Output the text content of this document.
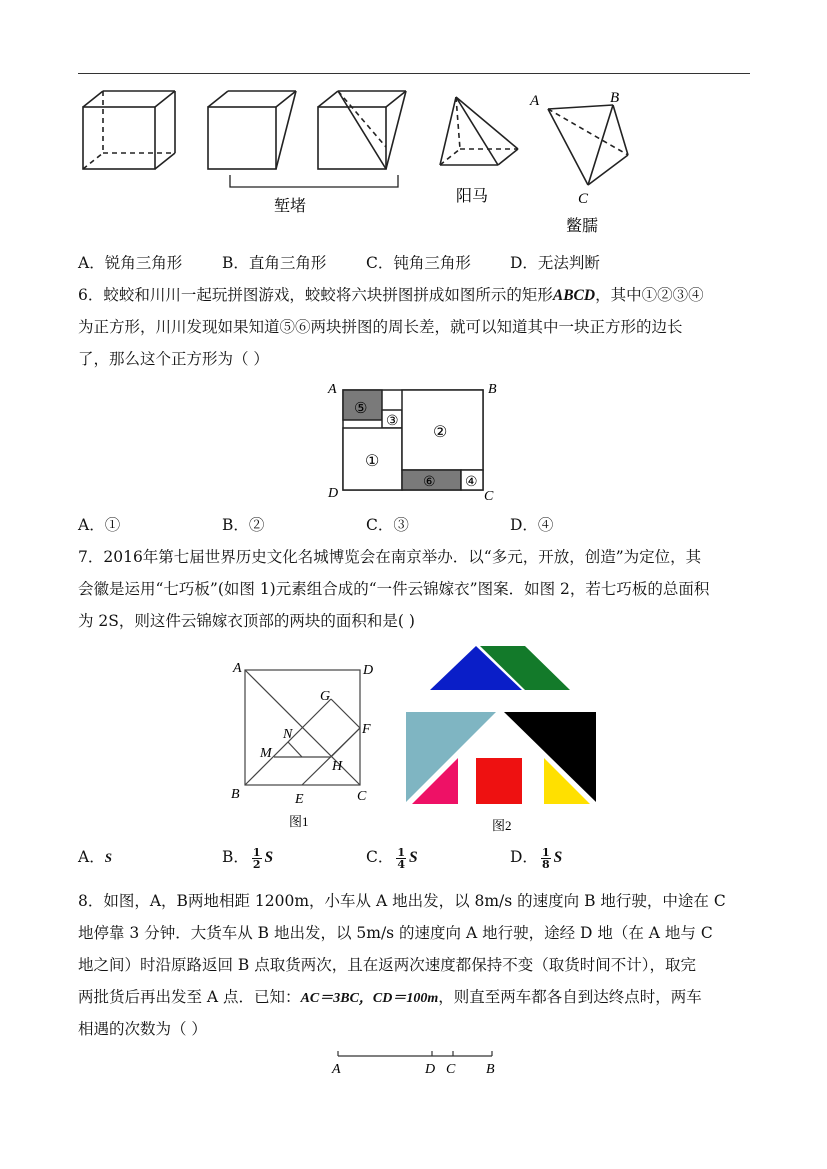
堑堵
阳马
鳖臑
A	B
C
A．锐角三角形	B．直角三角形	C．钝角三角形	D．无法判断
6．蛟蛟和川川一起玩拼图游戏，蛟蛟将六块拼图拼成如图所示的矩形ABCD，其中①②③④
为正方形，川川发现如果知道⑤⑥两块拼图的周长差，就可以知道其中一块正方形的边长
了，那么这个正方形为（ ）
⑤
③
①
②
⑥ ④
A	B
D	C
A．①	B．②	C．③	D．④
7．2016年第七届世界历史文化名城博览会在南京举办．以“多元，开放，创造”为定位，其
会徽是运用“七巧板”(如图 1)元素组合成的“一件云锦嫁衣”图案．如图 2，若七巧板的总面积
为 2S，则这件云锦嫁衣顶部的两块的面积和是( )
A	D
B	C
E
F
G
H
M
N
图1	图2
A．S	B． $\frac{1}{2}$ S	C． $\frac{1}{4}$ S	D． $\frac{1}{8}$ S
8．如图，A，B两地相距 1200m，小车从 A 地出发，以 8m/s 的速度向 B 地行驶，中途在 C
地停靠 3 分钟．大货车从 B 地出发，以 5m/s 的速度向 A 地行驶，途经 D 地（在 A 地与 C
地之间）时沿原路返回 B 点取货两次，且在返两次速度都保持不变（取货时间不计），取完
两批货后再出发至 A 点．已知：AC＝3BC，CD＝100m，则直至两车都各自到达终点时，两车
相遇的次数为（ ）
A	D C B
